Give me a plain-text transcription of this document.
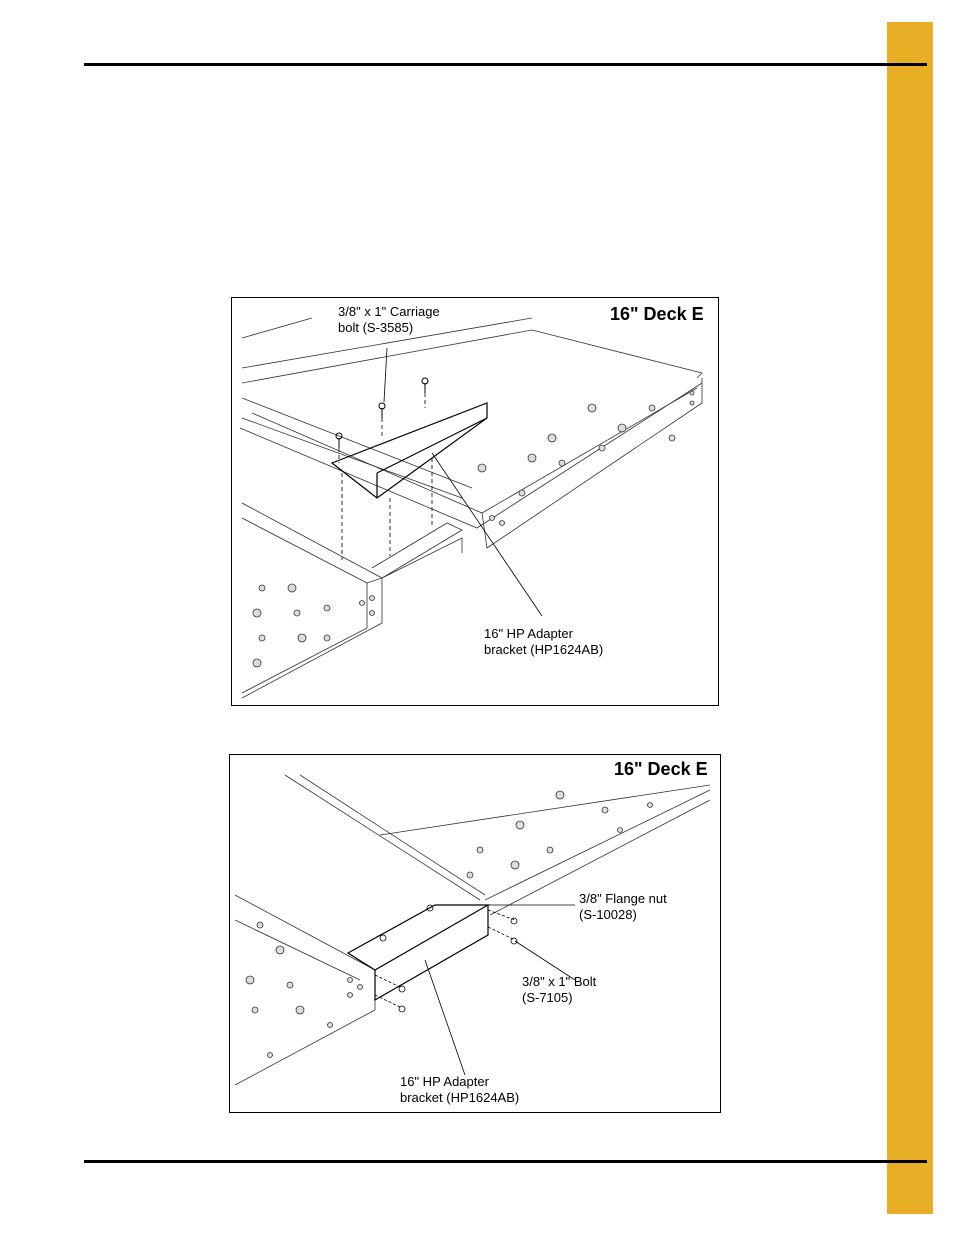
16" Deck E
3/8" x 1" Carriage
bolt (S-3585)
16" HP Adapter
bracket (HP1624AB)
16" Deck E
3/8" Flange nut
(S-10028)
3/8" x 1" Bolt
(S-7105)
16" HP Adapter
bracket (HP1624AB)
